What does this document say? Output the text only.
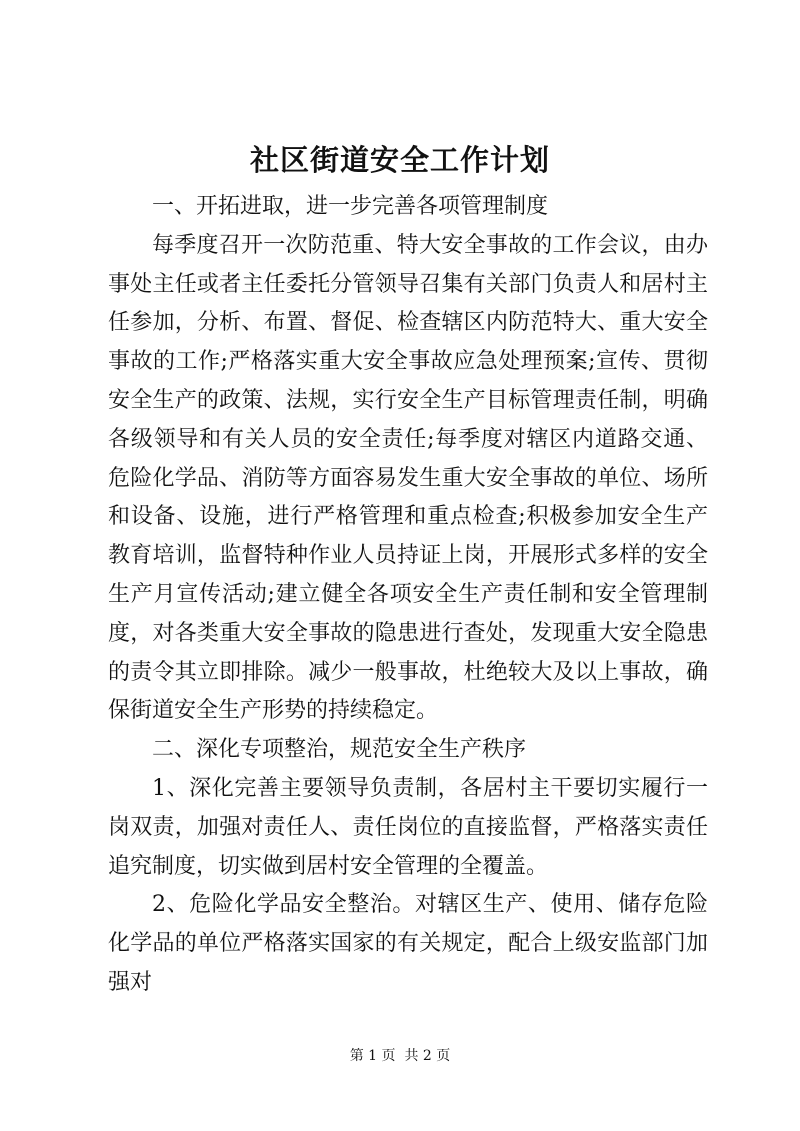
社区街道安全工作计划

一、开拓进取，进一步完善各项管理制度

每季度召开一次防范重、特大安全事故的工作会议，由办事处主任或者主任委托分管领导召集有关部门负责人和居村主任参加，分析、布置、督促、检查辖区内防范特大、重大安全事故的工作;严格落实重大安全事故应急处理预案;宣传、贯彻安全生产的政策、法规，实行安全生产目标管理责任制，明确各级领导和有关人员的安全责任;每季度对辖区内道路交通、危险化学品、消防等方面容易发生重大安全事故的单位、场所和设备、设施，进行严格管理和重点检查;积极参加安全生产教育培训，监督特种作业人员持证上岗，开展形式多样的安全生产月宣传活动;建立健全各项安全生产责任制和安全管理制度，对各类重大安全事故的隐患进行查处，发现重大安全隐患的责令其立即排除。减少一般事故，杜绝较大及以上事故，确保街道安全生产形势的持续稳定。

二、深化专项整治，规范安全生产秩序

1、深化完善主要领导负责制，各居村主干要切实履行一岗双责，加强对责任人、责任岗位的直接监督，严格落实责任追究制度，切实做到居村安全管理的全覆盖。

2、危险化学品安全整治。对辖区生产、使用、储存危险化学品的单位严格落实国家的有关规定，配合上级安监部门加强对

第 1 页  共 2 页
